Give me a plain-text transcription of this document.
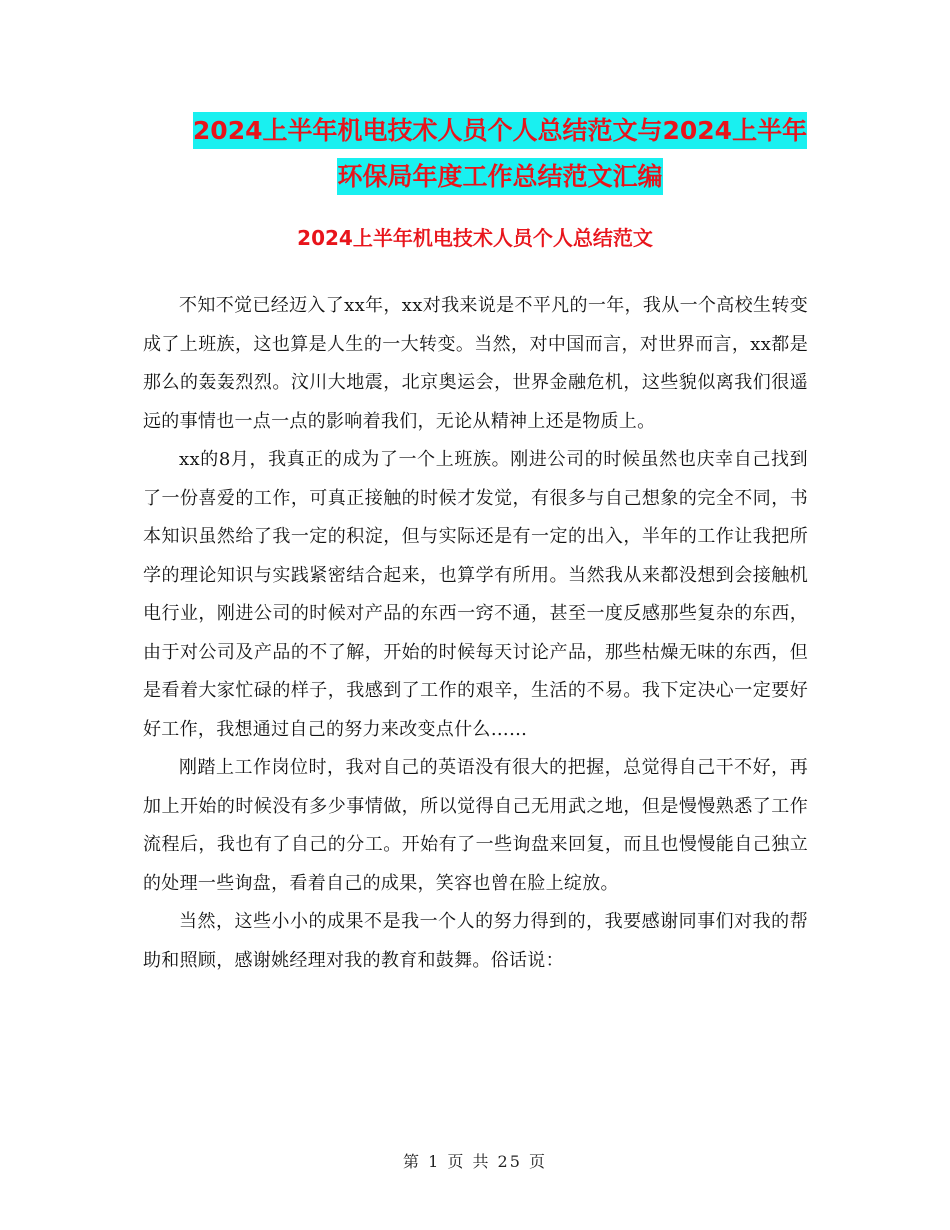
2024上半年机电技术人员个人总结范文与2024上半年
环保局年度工作总结范文汇编
2024上半年机电技术人员个人总结范文

不知不觉已经迈入了xx年，xx对我来说是不平凡的一年，我从一个高校生转变成了上班族，这也算是人生的一大转变。当然，对中国而言，对世界而言，xx都是那么的轰轰烈烈。汶川大地震，北京奥运会，世界金融危机，这些貌似离我们很遥远的事情也一点一点的影响着我们，无论从精神上还是物质上。

xx的8月，我真正的成为了一个上班族。刚进公司的时候虽然也庆幸自己找到了一份喜爱的工作，可真正接触的时候才发觉，有很多与自己想象的完全不同，书本知识虽然给了我一定的积淀，但与实际还是有一定的出入，半年的工作让我把所学的理论知识与实践紧密结合起来，也算学有所用。当然我从来都没想到会接触机电行业，刚进公司的时候对产品的东西一窍不通，甚至一度反感那些复杂的东西，由于对公司及产品的不了解，开始的时候每天讨论产品，那些枯燥无味的东西，但是看着大家忙碌的样子，我感到了工作的艰辛，生活的不易。我下定决心一定要好好工作，我想通过自己的努力来改变点什么……

刚踏上工作岗位时，我对自己的英语没有很大的把握，总觉得自己干不好，再加上开始的时候没有多少事情做，所以觉得自己无用武之地，但是慢慢熟悉了工作流程后，我也有了自己的分工。开始有了一些询盘来回复，而且也慢慢能自己独立的处理一些询盘，看着自己的成果，笑容也曾在脸上绽放。

当然，这些小小的成果不是我一个人的努力得到的，我要感谢同事们对我的帮助和照顾，感谢姚经理对我的教育和鼓舞。俗话说：

第 1 页 共 25 页
